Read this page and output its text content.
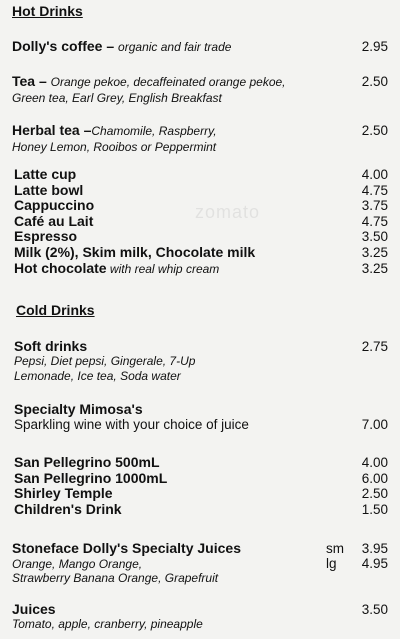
zomato
Hot Drinks
Dolly's coffee – organic and fair trade	2.95
Tea – Orange pekoe, decaffeinated orange pekoe,	2.50
Green tea, Earl Grey, English Breakfast
Herbal tea –Chamomile, Raspberry,	2.50
Honey Lemon, Rooibos or Peppermint
Latte cup	4.00
Latte bowl	4.75
Cappuccino	3.75
Café au Lait	4.75
Espresso	3.50
Milk (2%), Skim milk, Chocolate milk	3.25
Hot chocolate with real whip cream	3.25
Cold Drinks
Soft drinks	2.75
Pepsi, Diet pepsi, Gingerale, 7-Up
Lemonade, Ice tea, Soda water
Specialty Mimosa's
Sparkling wine with your choice of juice	7.00
San Pellegrino 500mL	4.00
San Pellegrino 1000mL	6.00
Shirley Temple	2.50
Children's Drink	1.50
Stoneface Dolly's Specialty Juices	sm	3.95
Orange, Mango Orange,	lg	4.95
Strawberry Banana Orange, Grapefruit
Juices	3.50
Tomato, apple, cranberry, pineapple
